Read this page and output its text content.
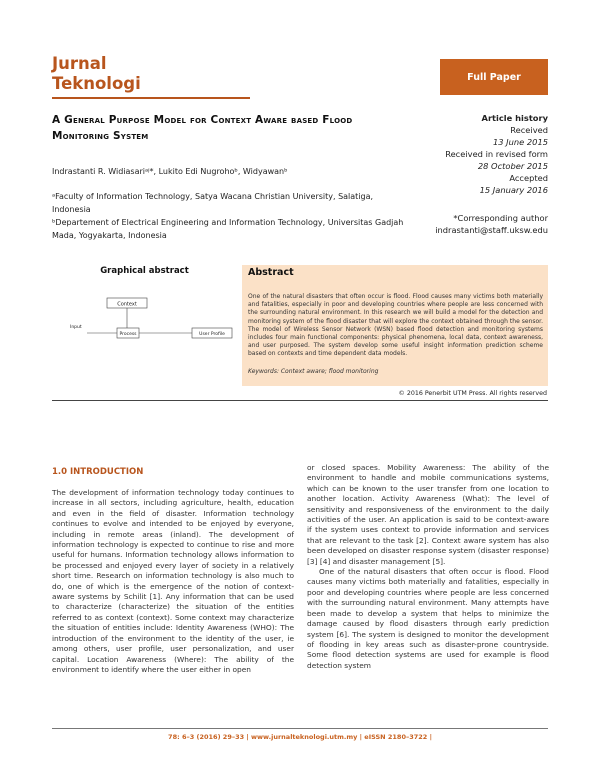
Jurnal
Teknologi	Full Paper
A General Purpose Model for Context Aware based Flood Monitoring System
Indrastanti R. Widiasariᵃʲ*, Lukito Edi Nugrohoᵇ, Widyawanᵇ
ᵃFaculty of Information Technology, Satya Wacana Christian University, Salatiga, Indonesia
ᵇDepartement of Electrical Engineering and Information Technology, Universitas Gadjah Mada, Yogyakarta, Indonesia
Article history
Received
13 June 2015
Received in revised form
28 October 2015
Accepted
15 January 2016
*Corresponding author
indrastanti@staff.uksw.edu
Graphical abstract
Context
Input
Process	User Profile
Abstract
One of the natural disasters that often occur is flood. Flood causes many victims both materially and fatalities, especially in poor and developing countries where people are less concerned with the surrounding natural environment. In this research we will build a model for the detection and monitoring system of the flood disaster that will explore the context obtained through the sensor. The model of Wireless Sensor Network (WSN) based flood detection and monitoring systems includes four main functional components: physical phenomena, local data, context awareness, and user purposed. The system develop some useful insight information prediction scheme based on contexts and time dependent data models.
Keywords: Context aware; flood monitoring
© 2016 Penerbit UTM Press. All rights reserved
1.0 INTRODUCTION

The development of information technology today continues to increase in all sectors, including agriculture, health, education and even in the field of disaster. Information technology continues to evolve and intended to be enjoyed by everyone, including in remote areas (inland). The development of information technology is expected to continue to rise and more useful for humans. Information technology allows information to be processed and enjoyed every layer of society in a relatively short time. Research on information technology is also much to do, one of which is the emergence of the notion of context-aware systems by Schilit [1]. Any information that can be used to characterize (characterize) the situation of the entities referred to as context (context). Some context may characterize the situation of entities include: Identity Awareness (WHO): The introduction of the environment to the identity of the user, ie among others, user profile, user personalization, and user capital. Location Awareness (Where): The ability of the environment to identify where the user either in open

or closed spaces. Mobility Awareness: The ability of the environment to handle and mobile communications systems, which can be known to the user transfer from one location to another location. Activity Awareness (What): The level of sensitivity and responsiveness of the environment to the daily activities of the user. An application is said to be context-aware if the system uses context to provide information and services that are relevant to the task [2]. Context aware system has also been developed on disaster response system (disaster response) [3] [4] and disaster management [5].

One of the natural disasters that often occur is flood. Flood causes many victims both materially and fatalities, especially in poor and developing countries where people are less concerned with the surrounding natural environment. Many attempts have been made to develop a system that helps to minimize the damage caused by flood disasters through early prediction system [6]. The system is designed to monitor the development of flooding in key areas such as disaster-prone countryside. Some flood detection systems are used for example is flood detection system

78: 6–3 (2016) 29–33 | www.jurnalteknologi.utm.my | eISSN 2180–3722 |
